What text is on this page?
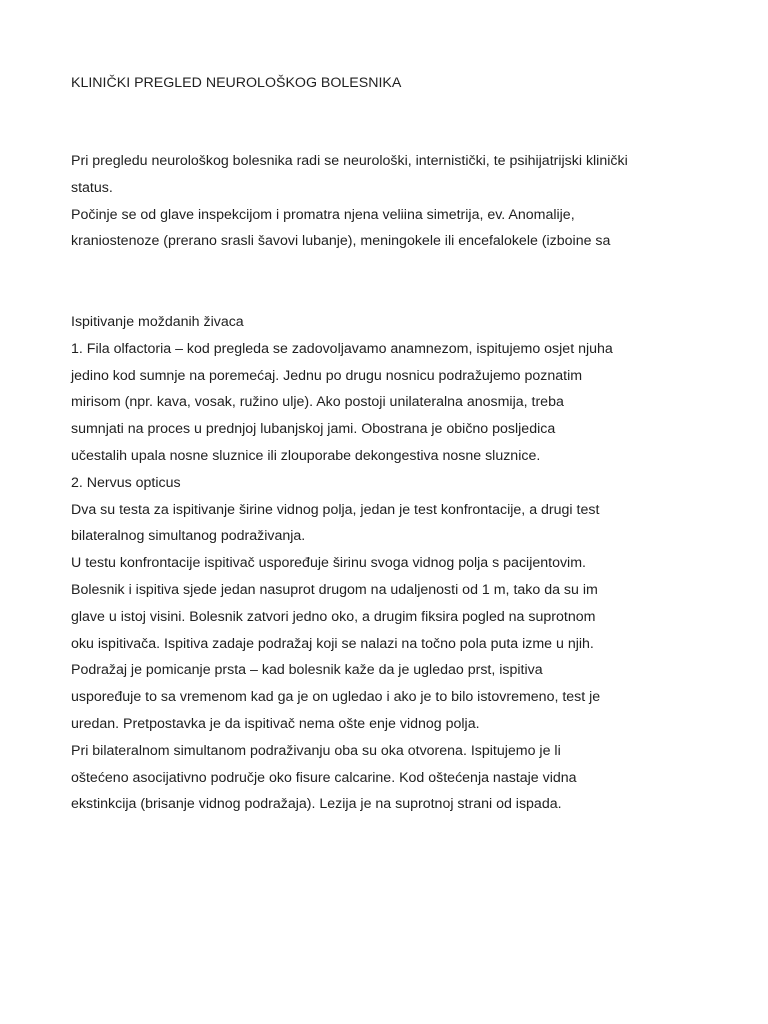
KLINIČKI PREGLED NEUROLOŠKOG BOLESNIKA
Pri pregledu neurološkog bolesnika radi se neurološki, internistički, te psihijatrijski klinički
status.
Počinje se od glave inspekcijom i promatra njena veliina simetrija, ev. Anomalije,
kraniostenoze (prerano srasli šavovi lubanje), meningokele ili encefalokele (izboine sa
Ispitivanje moždanih živaca
1. Fila olfactoria – kod pregleda se zadovoljavamo anamnezom, ispitujemo osjet njuha
jedino kod sumnje na poremećaj. Jednu po drugu nosnicu podražujemo poznatim
mirisom (npr. kava, vosak, ružino ulje). Ako postoji unilateralna anosmija, treba
sumnjati na proces u prednjoj lubanjskoj jami. Obostrana je obično posljedica
učestalih upala nosne sluznice ili zlouporabe dekongestiva nosne sluznice.
2. Nervus opticus
Dva su testa za ispitivanje širine vidnog polja, jedan je test konfrontacije, a drugi test
bilateralnog simultanog podraživanja.
U testu konfrontacije ispitivač uspoređuje širinu svoga vidnog polja s pacijentovim.
Bolesnik i ispitiva sjede jedan nasuprot drugom na udaljenosti od 1 m, tako da su im
glave u istoj visini. Bolesnik zatvori jedno oko, a drugim fiksira pogled na suprotnom
oku ispitivača. Ispitiva zadaje podražaj koji se nalazi na točno pola puta izme u njih.
Podražaj je pomicanje prsta – kad bolesnik kaže da je ugledao prst, ispitiva
uspoređuje to sa vremenom kad ga je on ugledao i ako je to bilo istovremeno, test je
uredan. Pretpostavka je da ispitivač nema ošte enje vidnog polja.
Pri bilateralnom simultanom podraživanju oba su oka otvorena. Ispitujemo je li
oštećeno asocijativno područje oko fisure calcarine. Kod oštećenja nastaje vidna
ekstinkcija (brisanje vidnog podražaja). Lezija je na suprotnoj strani od ispada.
